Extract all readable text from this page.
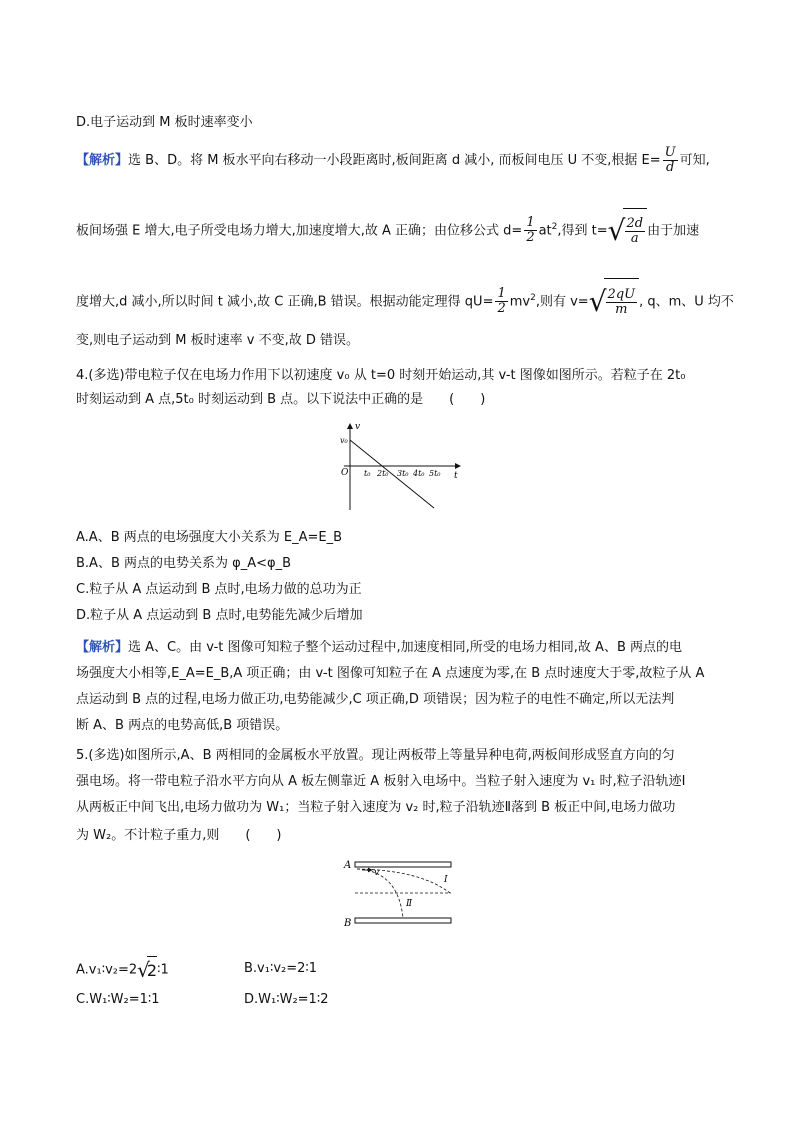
D.电子运动到 M 板时速率变小
【解析】选 B、D。将 M 板水平向右移动一小段距离时,板间距离 d 减小, 而板间电压 U 不变,根据 $E= \frac{U}{d}$ 可知,
板间场强 E 增大,电子所受电场力增大,加速度增大,故 A 正确；由位移公式 $d= \frac{1}{2} at^2$,得到 $t=√ \frac{2d}{a}$ 由于加速
度增大,d 减小,所以时间 t 减小,故 C 正确,B 错误。根据动能定理得 $qU= \frac{1}{2} mv^2$,则有 $v=√ \frac{2qU}{m}$ , q、m、U 均不
变,则电子运动到 M 板时速率 v 不变,故 D 错误。
4.(多选)带电粒子仅在电场力作用下以初速度 v₀ 从 t=0 时刻开始运动,其 v-t 图像如图所示。若粒子在 2t₀
时刻运动到 A 点,5t₀ 时刻运动到 B 点。以下说法中正确的是　　(　　)
v
t
O
v₀
t₀ 2t₀ 3t₀ 4t₀ 5t₀
A.A、B 两点的电场强度大小关系为 E_A=E_B
B.A、B 两点的电势关系为 φ_A<φ_B
C.粒子从 A 点运动到 B 点时,电场力做的总功为正
D.粒子从 A 点运动到 B 点时,电势能先减少后增加
【解析】选 A、C。由 v-t 图像可知粒子整个运动过程中,加速度相同,所受的电场力相同,故 A、B 两点的电
场强度大小相等,E_A=E_B,A 项正确；由 v-t 图像可知粒子在 A 点速度为零,在 B 点时速度大于零,故粒子从 A
点运动到 B 点的过程,电场力做正功,电势能减少,C 项正确,D 项错误；因为粒子的电性不确定,所以无法判
断 A、B 两点的电势高低,B 项错误。
5.(多选)如图所示,A、B 两相同的金属板水平放置。现让两板带上等量异种电荷,两板间形成竖直方向的匀
强电场。将一带电粒子沿水平方向从 A 板左侧靠近 A 板射入电场中。当粒子射入速度为 v₁ 时,粒子沿轨迹Ⅰ
从两板正中间飞出,电场力做功为 W₁；当粒子射入速度为 v₂ 时,粒子沿轨迹Ⅱ落到 B 板正中间,电场力做功
为 W₂。不计粒子重力,则　　(　　)
A
B
v
Ⅰ
Ⅱ
A.v₁∶v₂=2√2∶1	B.v₁∶v₂=2∶1
C.W₁∶W₂=1∶1	D.W₁∶W₂=1∶2
